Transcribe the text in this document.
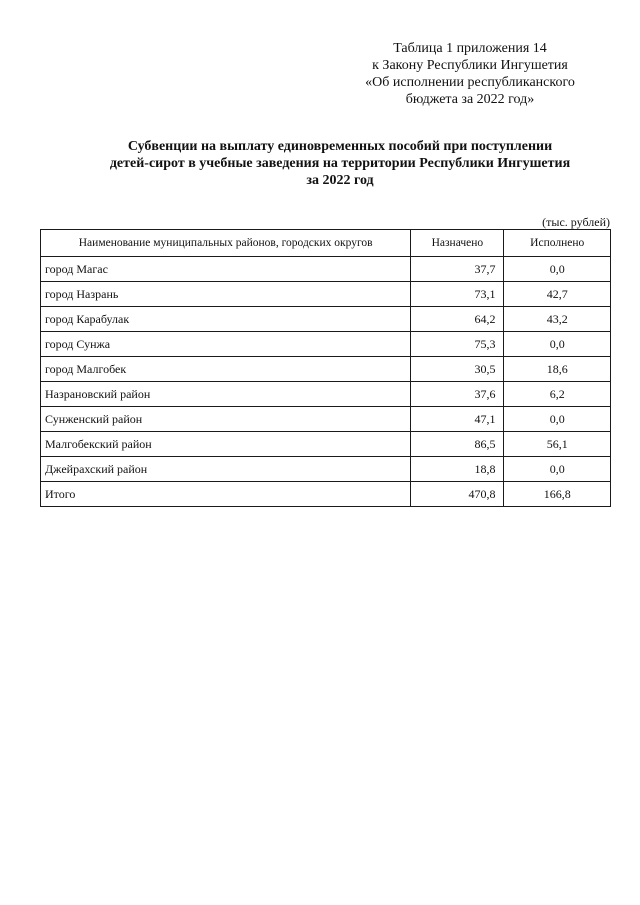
Таблица 1 приложения 14
к Закону Республики Ингушетия
«Об исполнении республиканского
бюджета за 2022 год»
Субвенции на выплату единовременных пособий при поступлении
детей-сирот в учебные заведения на территории Республики Ингушетия
за 2022 год
(тыс. рублей)
Наименование муниципальных районов, городских округов	Назначено	Исполнено
город Магас	37,7	0,0
город Назрань	73,1	42,7
город Карабулак	64,2	43,2
город Сунжа	75,3	0,0
город Малгобек	30,5	18,6
Назрановский район	37,6	6,2
Сунженский район	47,1	0,0
Малгобекский район	86,5	56,1
Джейрахский район	18,8	0,0
Итого	470,8	166,8
